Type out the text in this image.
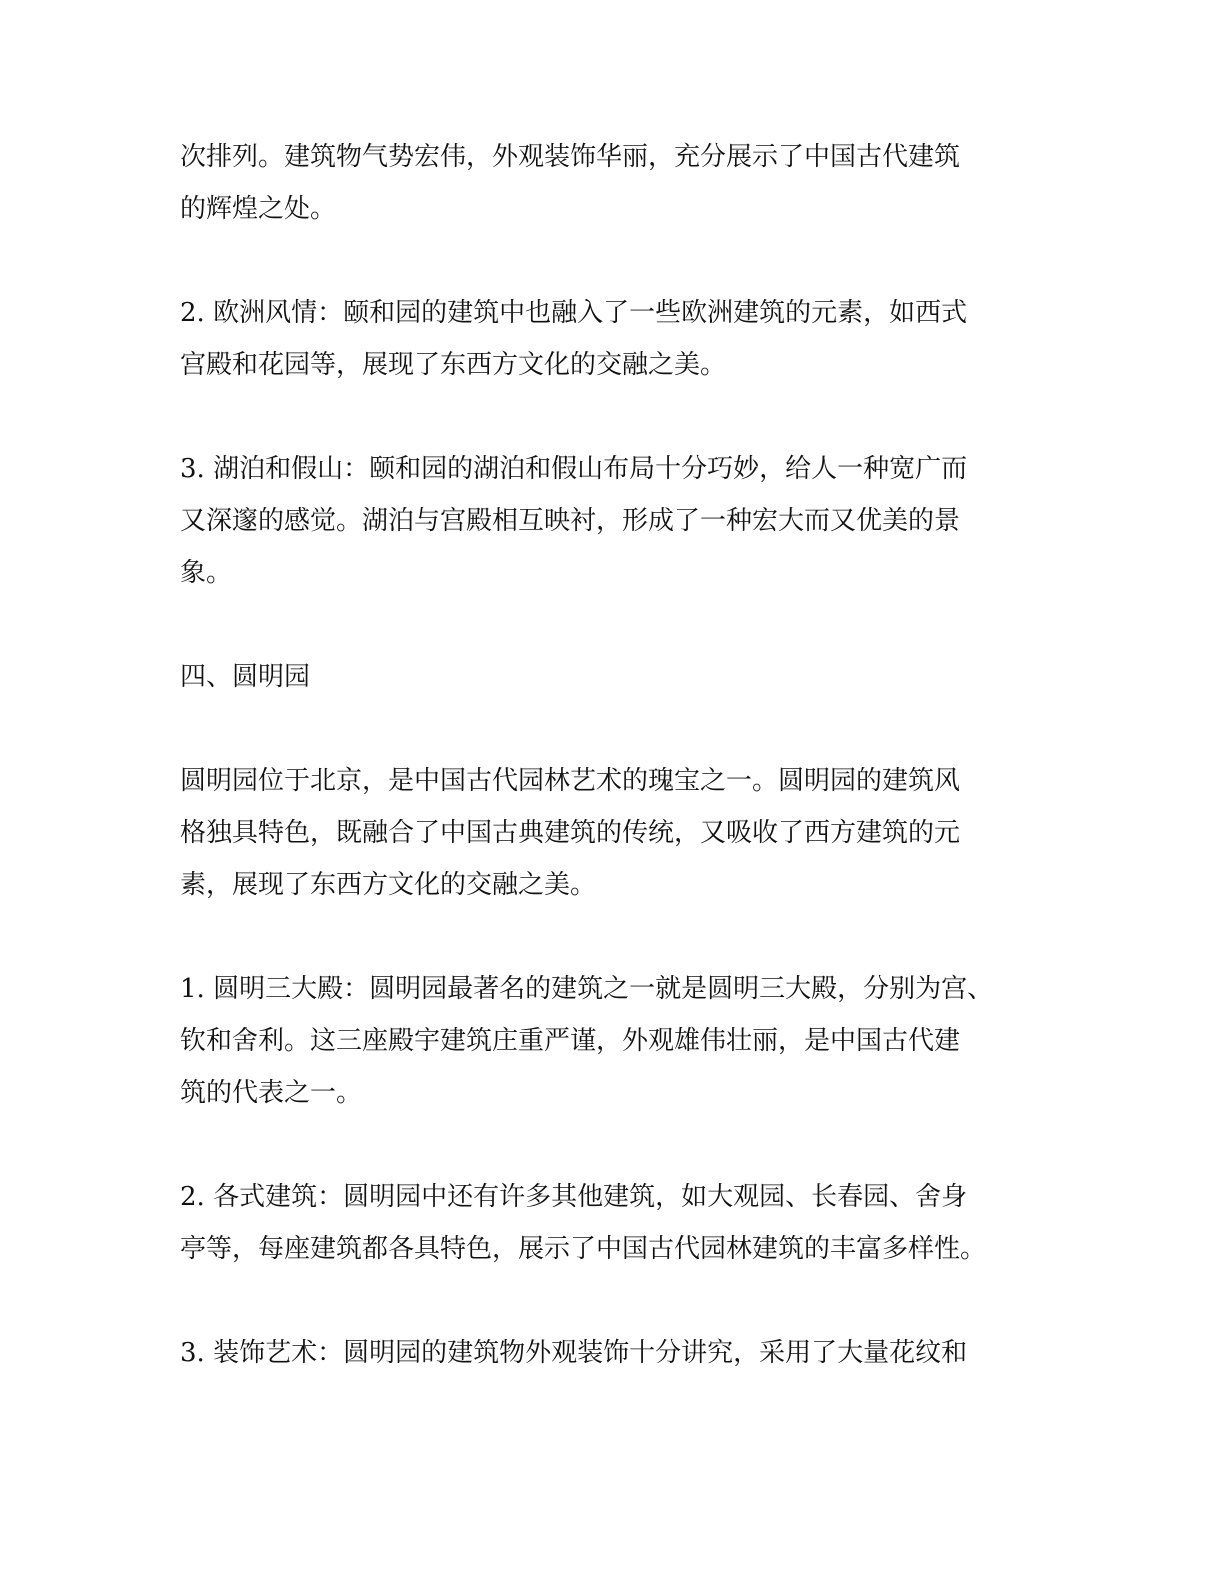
次排列。建筑物气势宏伟，外观装饰华丽，充分展示了中国古代建筑
的辉煌之处。
2. 欧洲风情：颐和园的建筑中也融入了一些欧洲建筑的元素，如西式
宫殿和花园等，展现了东西方文化的交融之美。
3. 湖泊和假山：颐和园的湖泊和假山布局十分巧妙，给人一种宽广而
又深邃的感觉。湖泊与宫殿相互映衬，形成了一种宏大而又优美的景
象。
四、圆明园
圆明园位于北京，是中国古代园林艺术的瑰宝之一。圆明园的建筑风
格独具特色，既融合了中国古典建筑的传统，又吸收了西方建筑的元
素，展现了东西方文化的交融之美。
1. 圆明三大殿：圆明园最著名的建筑之一就是圆明三大殿，分别为宫、
钦和舍利。这三座殿宇建筑庄重严谨，外观雄伟壮丽，是中国古代建
筑的代表之一。
2. 各式建筑：圆明园中还有许多其他建筑，如大观园、长春园、舍身
亭等，每座建筑都各具特色，展示了中国古代园林建筑的丰富多样性。
3. 装饰艺术：圆明园的建筑物外观装饰十分讲究，采用了大量花纹和
